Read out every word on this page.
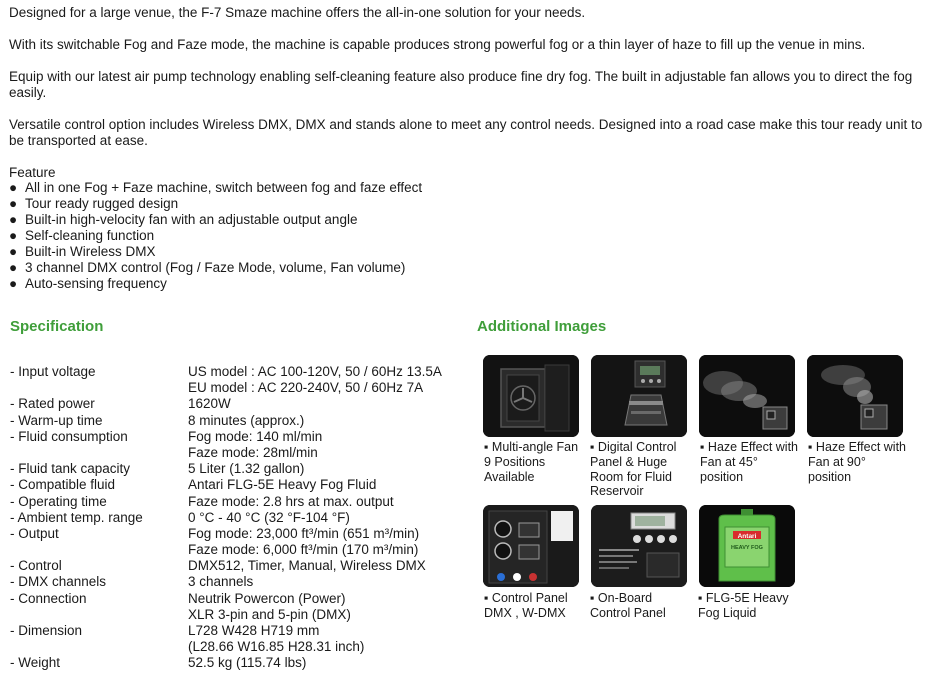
Designed for a large venue, the F-7 Smaze machine offers the all-in-one solution for your needs.

With its switchable Fog and Faze mode, the machine is capable produces strong powerful fog or a thin layer of haze to fill up the venue in mins.

Equip with our latest air pump technology enabling self-cleaning feature also produce fine dry fog. The built in adjustable fan allows you to direct the fog easily.

Versatile control option includes Wireless DMX, DMX and stands alone to meet any control needs. Designed into a road case make this tour ready unit to be transported at ease.

Feature
● All in one Fog + Faze machine, switch between fog and faze effect
● Tour ready rugged design
● Built-in high-velocity fan with an adjustable output angle
● Self-cleaning function
● Built-in Wireless DMX
● 3 channel DMX control (Fog / Faze Mode, volume, Fan volume)
● Auto-sensing frequency
Specification
- Input voltage	US model : AC 100-120V, 50 / 60Hz 13.5A
EU model : AC 220-240V, 50 / 60Hz 7A
- Rated power	1620W
- Warm-up time	8 minutes (approx.)
- Fluid consumption	Fog mode: 140 ml/min
Faze mode: 28ml/min
- Fluid tank capacity	5 Liter (1.32 gallon)
- Compatible fluid	Antari FLG-5E Heavy Fog Fluid
- Operating time	Faze mode: 2.8 hrs at max. output
- Ambient temp. range	0 °C - 40 °C (32 °F-104 °F)
- Output	Fog mode: 23,000 ft³/min (651 m³/min)
Faze mode: 6,000 ft³/min (170 m³/min)
- Control	DMX512, Timer, Manual, Wireless DMX
- DMX channels	3 channels
- Connection	Neutrik Powercon (Power)
XLR 3-pin and 5-pin (DMX)
- Dimension	L728 W428 H719 mm
(L28.66 W16.85 H28.31 inch)
- Weight	52.5 kg (115.74 lbs)
Additional Images
▪ Multi-angle Fan 9 Positions Available
▪ Digital Control Panel & Huge Room for Fluid Reservoir
▪ Haze Effect with Fan at 45° position
▪ Haze Effect with Fan at 90° position
▪ Control Panel DMX , W-DMX
▪ On-Board Control Panel
Antari
HEAVY FOG
▪ FLG-5E Heavy Fog Liquid
